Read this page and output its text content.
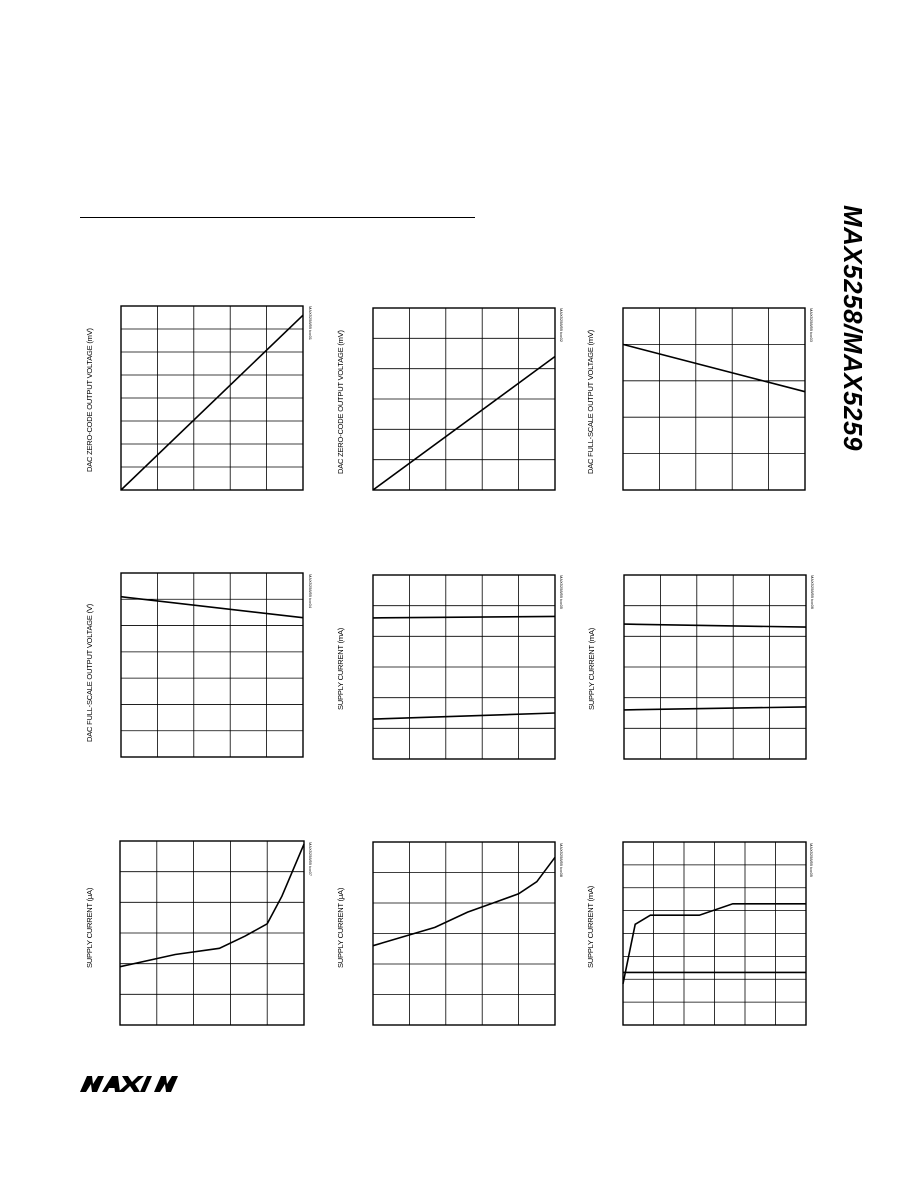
MAX5258/MAX5259
DAC ZERO-CODE OUTPUT VOLTAGE (mV)
MAX5258/59 toc01
DAC ZERO-CODE OUTPUT VOLTAGE (mV)
MAX5258/59 toc02
DAC FULL-SCALE OUTPUT VOLTAGE (mV)
MAX5258/59 toc03
DAC FULL-SCALE OUTPUT VOLTAGE (V)
MAX5258/59 toc04
SUPPLY CURRENT (mA)
MAX5258/59 toc05
SUPPLY CURRENT (mA)
MAX5258/59 toc06
SUPPLY CURRENT (μA)
MAX5258/59 toc07
SUPPLY CURRENT (μA)
MAX5258/59 toc08
SUPPLY CURRENT (mA)
MAX5258/59 toc09
